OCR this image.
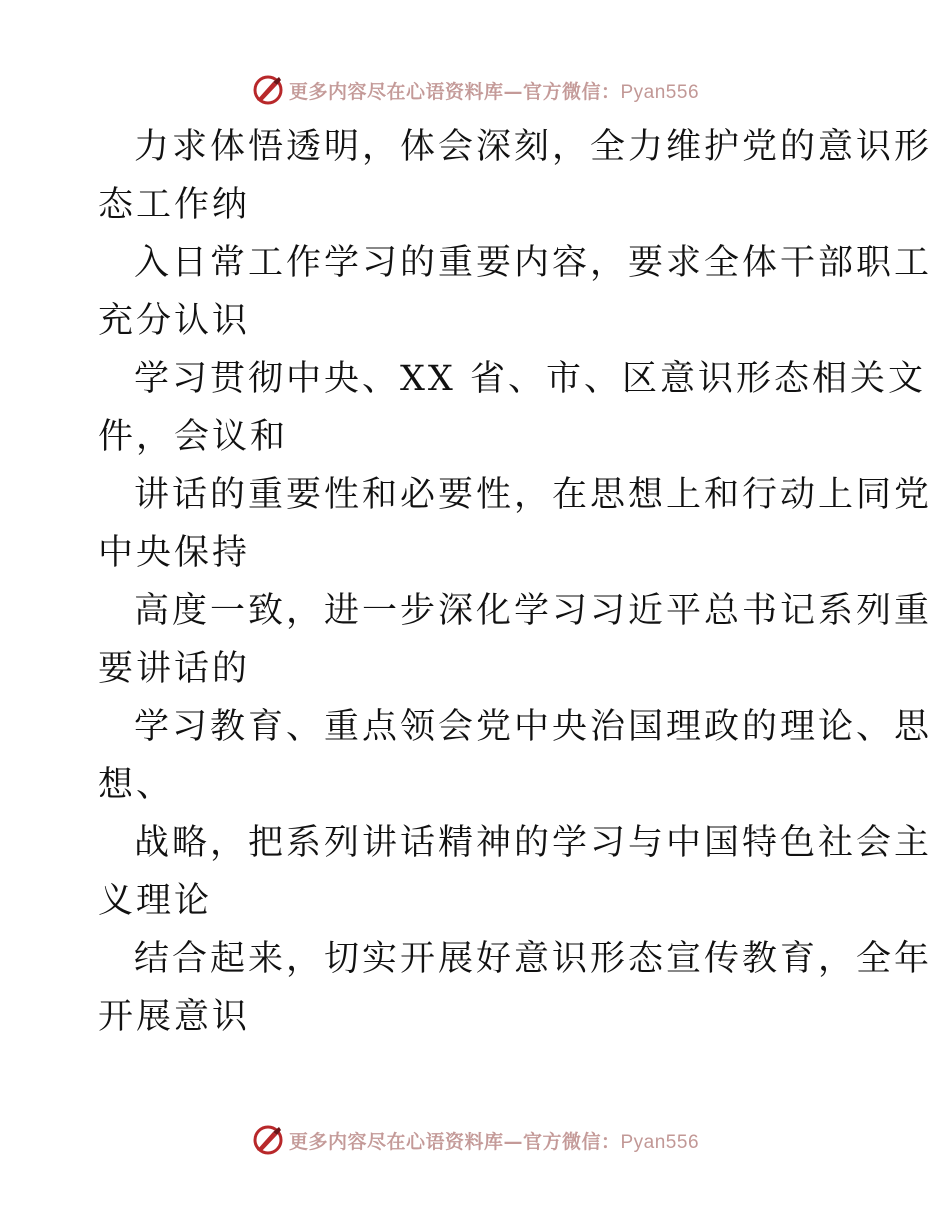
更多内容尽在心语资料库—官方微信：Pyan556
力求体悟透明，体会深刻，全力维护党的意识形
态工作纳
入日常工作学习的重要内容，要求全体干部职工
充分认识
学习贯彻中央、XX 省、市、区意识形态相关文
件，会议和
讲话的重要性和必要性，在思想上和行动上同党
中央保持
高度一致，进一步深化学习习近平总书记系列重
要讲话的
学习教育、重点领会党中央治国理政的理论、思
想、
战略，把系列讲话精神的学习与中国特色社会主
义理论
结合起来，切实开展好意识形态宣传教育，全年
开展意识
更多内容尽在心语资料库—官方微信：Pyan556
